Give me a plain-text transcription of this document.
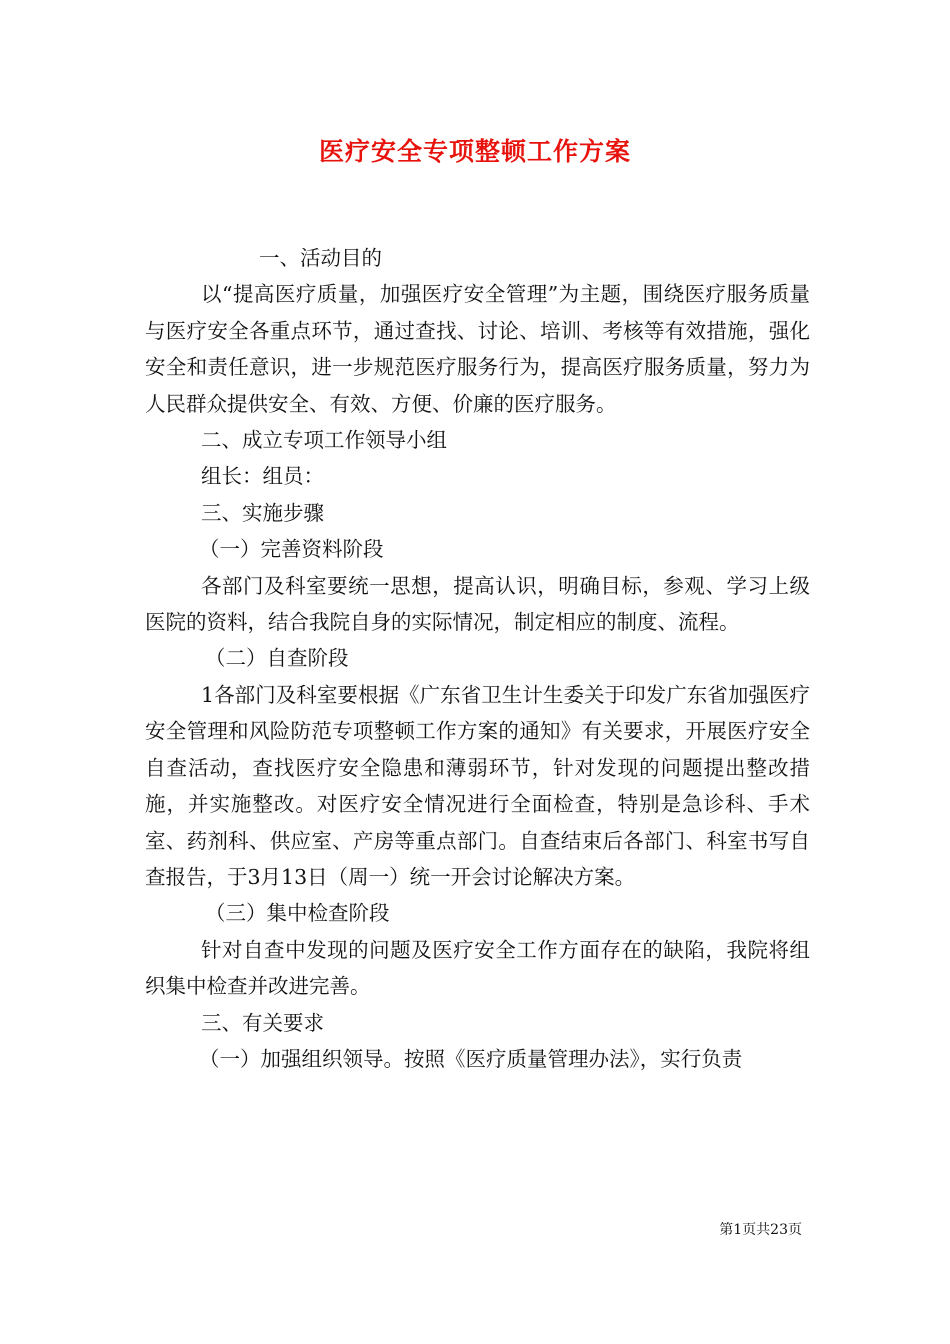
医疗安全专项整顿工作方案

一、活动目的

以“提高医疗质量，加强医疗安全管理”为主题，围绕医疗服务质量与医疗安全各重点环节，通过查找、讨论、培训、考核等有效措施，强化安全和责任意识，进一步规范医疗服务行为，提高医疗服务质量，努力为人民群众提供安全、有效、方便、价廉的医疗服务。

二、成立专项工作领导小组

组长：组员：

三、实施步骤

（一）完善资料阶段

各部门及科室要统一思想，提高认识，明确目标，参观、学习上级医院的资料，结合我院自身的实际情况，制定相应的制度、流程。

（二）自查阶段

1各部门及科室要根据《广东省卫生计生委关于印发广东省加强医疗安全管理和风险防范专项整顿工作方案的通知》有关要求，开展医疗安全自查活动，查找医疗安全隐患和薄弱环节，针对发现的问题提出整改措施，并实施整改。对医疗安全情况进行全面检查，特别是急诊科、手术室、药剂科、供应室、产房等重点部门。自查结束后各部门、科室书写自查报告，于3月13日（周一）统一开会讨论解决方案。

（三）集中检查阶段

针对自查中发现的问题及医疗安全工作方面存在的缺陷，我院将组织集中检查并改进完善。

三、有关要求

（一）加强组织领导。按照《医疗质量管理办法》，实行负责

第1页共23页
